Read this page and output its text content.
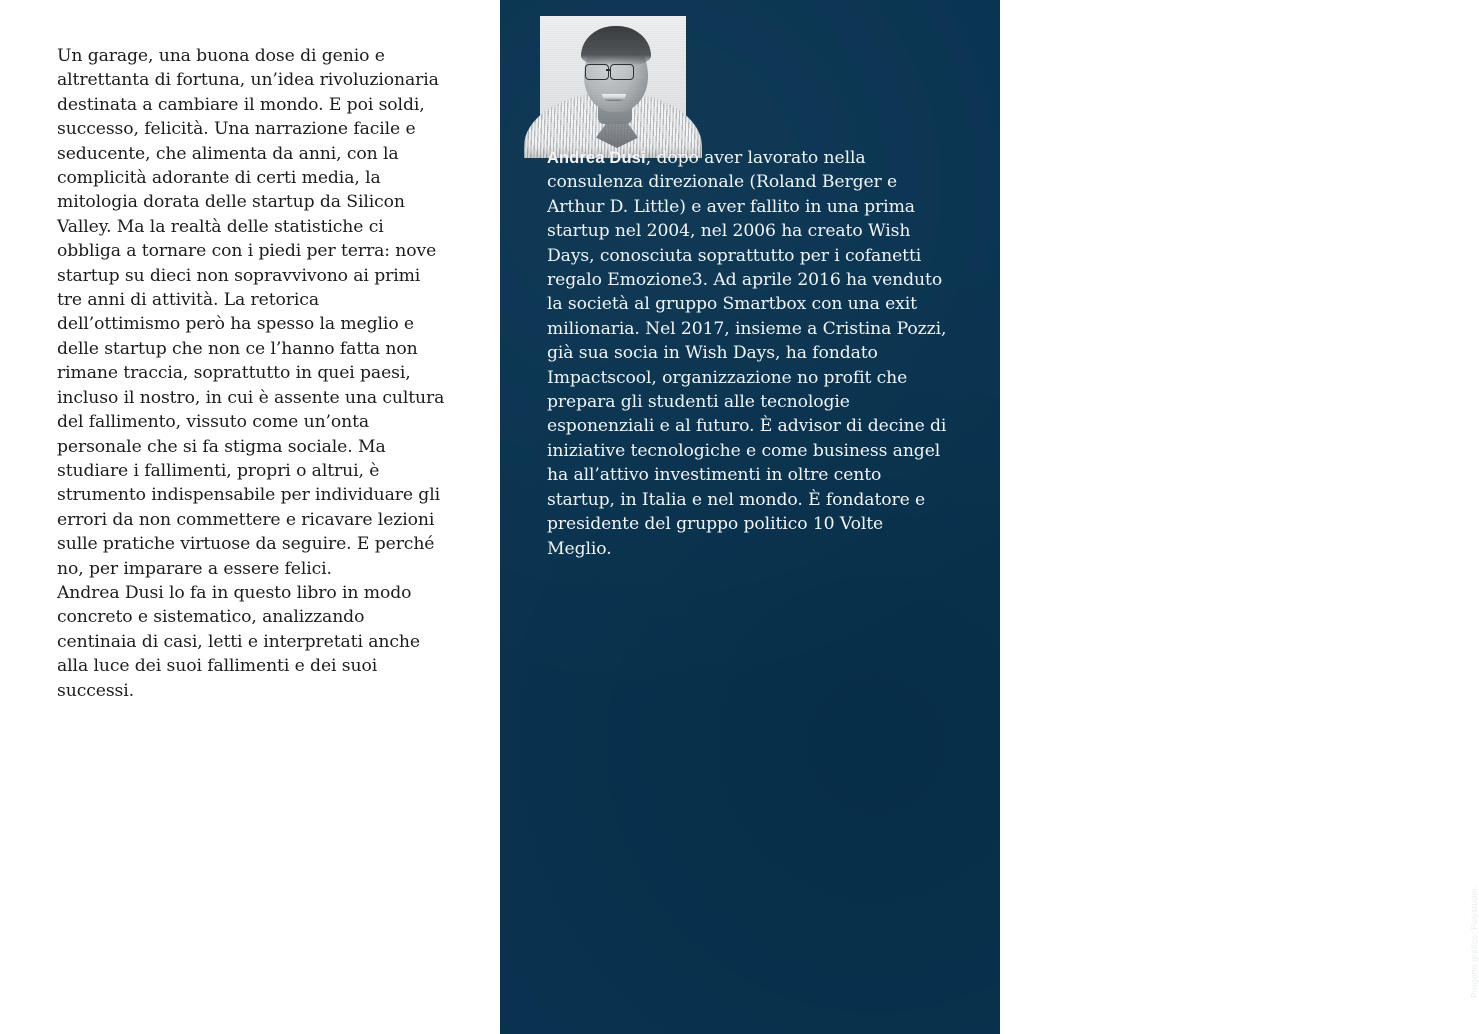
Un garage, una buona dose di genio e altrettanta di fortuna, un’idea rivoluzionaria destinata a cambiare il mondo. E poi soldi, successo, felicità. Una narrazione facile e seducente, che alimenta da anni, con la complicità adorante di certi media, la mitologia dorata delle startup da Silicon Valley. Ma la realtà delle statistiche ci obbliga a tornare con i piedi per terra: nove startup su dieci non sopravvivono ai primi tre anni di attività. La retorica dell’ottimismo però ha spesso la meglio e delle startup che non ce l’hanno fatta non rimane traccia, soprattutto in quei paesi, incluso il nostro, in cui è assente una cultura del fallimento, vissuto come un’onta personale che si fa stigma sociale. Ma studiare i fallimenti, propri o altrui, è strumento indispensabile per individuare gli errori da non commettere e ricavare lezioni sulle pratiche virtuose da seguire. E perché no, per imparare a essere felici.

Andrea Dusi lo fa in questo libro in modo concreto e sistematico, analizzando centinaia di casi, letti e interpretati anche alla luce dei suoi fallimenti e dei suoi successi.

Andrea Dusi, dopo aver lavorato nella consulenza direzionale (Roland Berger e Arthur D. Little) e aver fallito in una prima startup nel 2004, nel 2006 ha creato Wish Days, conosciuta soprattutto per i cofanetti regalo Emozione3. Ad aprile 2016 ha venduto la società al gruppo Smartbox con una exit milionaria. Nel 2017, insieme a Cristina Pozzi, già sua socia in Wish Days, ha fondato Impactscool, organizzazione no profit che prepara gli studenti alle tecnologie esponenziali e al futuro. È advisor di decine di iniziative tecnologiche e come business angel ha all’attivo investimenti in oltre cento startup, in Italia e nel mondo. È fondatore e presidente del gruppo politico 10 Volte Meglio.

GIUNTI
www.giunti.it
www.bompiani.eu	Progetto grafico: Polystudio.
